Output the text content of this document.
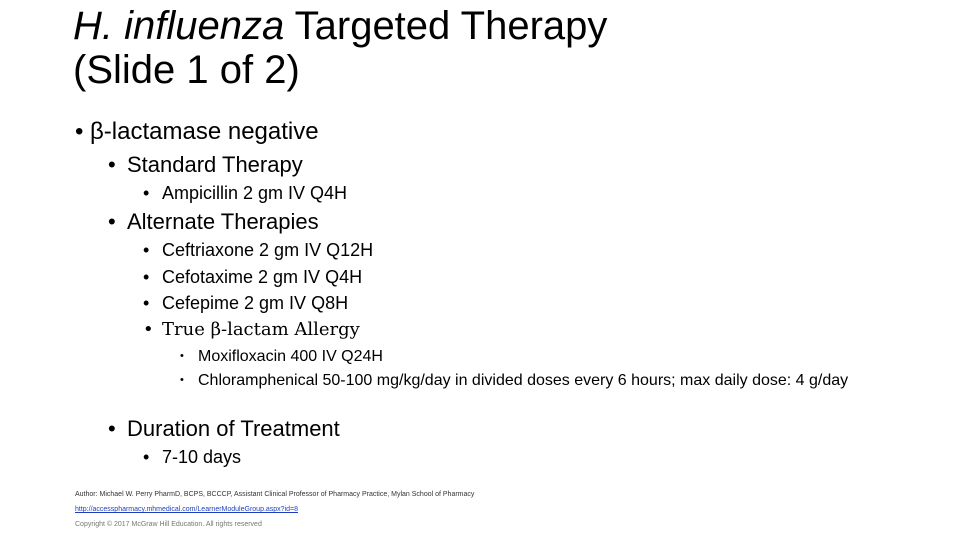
H. influenza Targeted Therapy
(Slide 1 of 2)
• β-lactamase negative
• Standard Therapy
• Ampicillin 2 gm IV Q4H
• Alternate Therapies
• Ceftriaxone 2 gm IV Q12H
• Cefotaxime 2 gm IV Q4H
• Cefepime 2 gm IV Q8H
• True β-lactam Allergy
• Moxifloxacin 400 IV Q24H
• Chloramphenical 50-100 mg/kg/day in divided doses every 6 hours; max daily dose: 4 g/day
• Duration of Treatment
• 7-10 days
Author: Michael W. Perry PharmD, BCPS, BCCCP, Assistant Clinical Professor of Pharmacy Practice, Mylan School of Pharmacy
http://accesspharmacy.mhmedical.com/LearnerModuleGroup.aspx?id=8
Copyright © 2017 McGraw Hill Education. All rights reserved
